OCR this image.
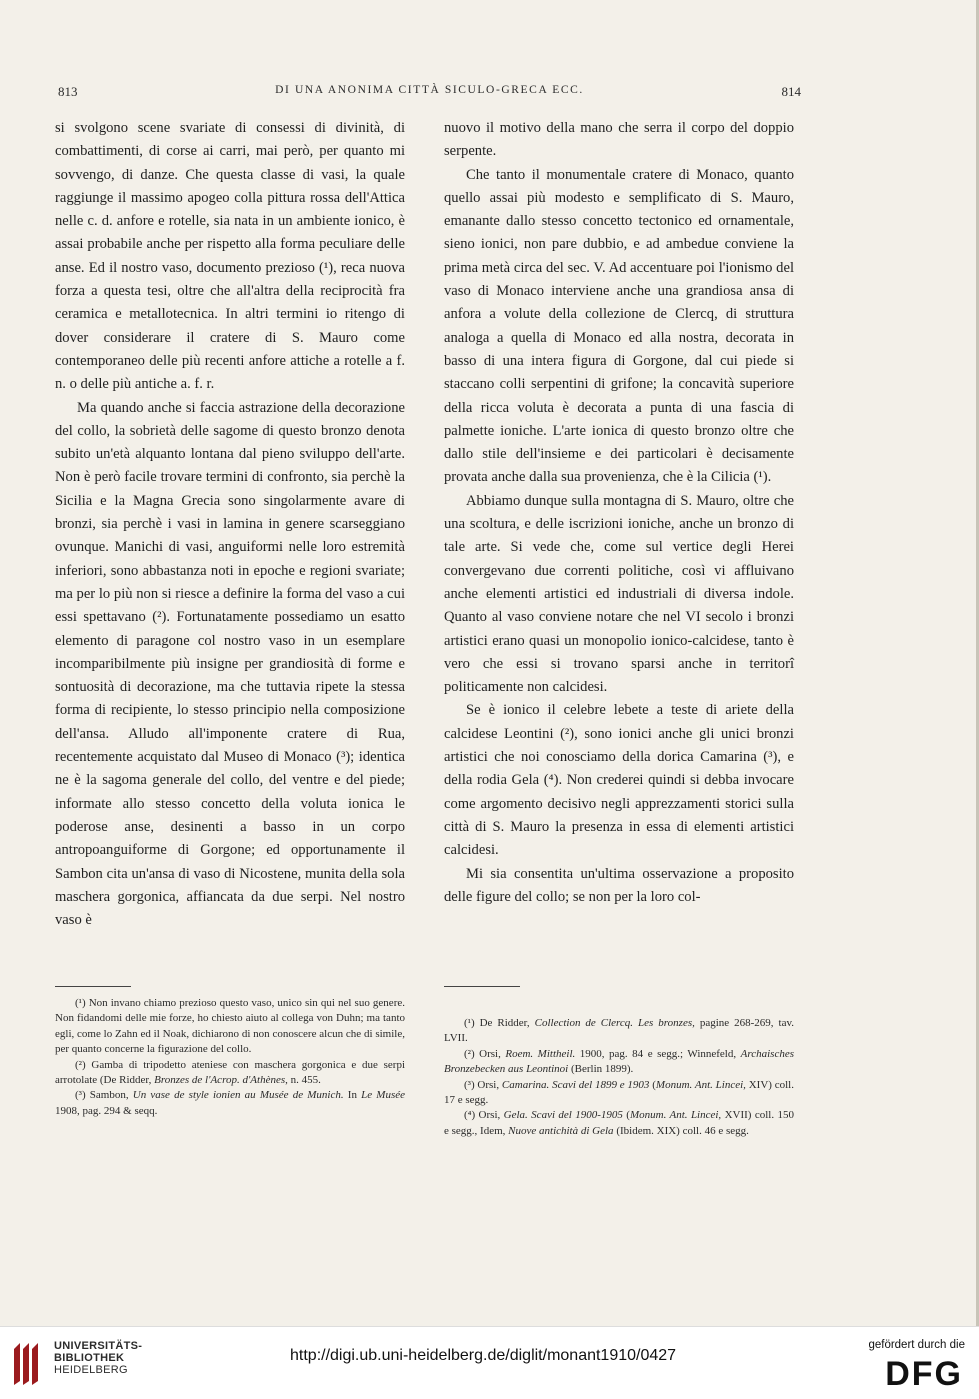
813	DI UNA ANONIMA CITTÀ SICULO-GRECA ECC.	814

si svolgono scene svariate di consessi di divinità, di combattimenti, di corse ai carri, mai però, per quanto mi sovvengo, di danze. Che questa classe di vasi, la quale raggiunge il massimo apogeo colla pittura rossa dell'Attica nelle c. d. anfore e rotelle, sia nata in un ambiente ionico, è assai probabile anche per rispetto alla forma peculiare delle anse. Ed il nostro vaso, documento prezioso (¹), reca nuova forza a questa tesi, oltre che all'altra della reciprocità fra ceramica e metallotecnica. In altri termini io ritengo di dover considerare il cratere di S. Mauro come contemporaneo delle più recenti anfore attiche a rotelle a f. n. o delle più antiche a. f. r.

Ma quando anche si faccia astrazione della decorazione del collo, la sobrietà delle sagome di questo bronzo denota subito un'età alquanto lontana dal pieno sviluppo dell'arte. Non è però facile trovare termini di confronto, sia perchè la Sicilia e la Magna Grecia sono singolarmente avare di bronzi, sia perchè i vasi in lamina in genere scarseggiano ovunque. Manichi di vasi, anguiformi nelle loro estremità inferiori, sono abbastanza noti in epoche e regioni svariate; ma per lo più non si riesce a definire la forma del vaso a cui essi spettavano (²). Fortunatamente possediamo un esatto elemento di paragone col nostro vaso in un esemplare incomparibilmente più insigne per grandiosità di forme e sontuosità di decorazione, ma che tuttavia ripete la stessa forma di recipiente, lo stesso principio nella composizione dell'ansa. Alludo all'imponente cratere di Rua, recentemente acquistato dal Museo di Monaco (³); identica ne è la sagoma generale del collo, del ventre e del piede; informate allo stesso concetto della voluta ionica le poderose anse, desinenti a basso in un corpo antropoanguiforme di Gorgone; ed opportunamente il Sambon cita un'ansa di vaso di Nicostene, munita della sola maschera gorgonica, affiancata da due serpi. Nel nostro vaso è

nuovo il motivo della mano che serra il corpo del doppio serpente.

Che tanto il monumentale cratere di Monaco, quanto quello assai più modesto e semplificato di S. Mauro, emanante dallo stesso concetto tectonico ed ornamentale, sieno ionici, non pare dubbio, e ad ambedue conviene la prima metà circa del sec. V. Ad accentuare poi l'ionismo del vaso di Monaco interviene anche una grandiosa ansa di anfora a volute della collezione de Clercq, di struttura analoga a quella di Monaco ed alla nostra, decorata in basso di una intera figura di Gorgone, dal cui piede si staccano colli serpentini di grifone; la concavità superiore della ricca voluta è decorata a punta di una fascia di palmette ioniche. L'arte ionica di questo bronzo oltre che dallo stile dell'insieme e dei particolari è decisamente provata anche dalla sua provenienza, che è la Cilicia (¹).

Abbiamo dunque sulla montagna di S. Mauro, oltre che una scoltura, e delle iscrizioni ioniche, anche un bronzo di tale arte. Si vede che, come sul vertice degli Herei convergevano due correnti politiche, così vi affluivano anche elementi artistici ed industriali di diversa indole. Quanto al vaso conviene notare che nel VI secolo i bronzi artistici erano quasi un monopolio ionico-calcidese, tanto è vero che essi si trovano sparsi anche in territorî politicamente non calcidesi.

Se è ionico il celebre lebete a teste di ariete della calcidese Leontini (²), sono ionici anche gli unici bronzi artistici che noi conosciamo della dorica Camarina (³), e della rodia Gela (⁴). Non crederei quindi si debba invocare come argomento decisivo negli apprezzamenti storici sulla città di S. Mauro la presenza in essa di elementi artistici calcidesi.

Mi sia consentita un'ultima osservazione a proposito delle figure del collo; se non per la loro col-

(¹) Non invano chiamo prezioso questo vaso, unico sin qui nel suo genere. Non fidandomi delle mie forze, ho chiesto aiuto al collega von Duhn; ma tanto egli, come lo Zahn ed il Noak, dichiarono di non conoscere alcun che di simile, per quanto concerne la figurazione del collo.

(²) Gamba di tripodetto ateniese con maschera gorgonica e due serpi arrotolate (De Ridder, Bronzes de l'Acrop. d'Athènes, n. 455.

(³) Sambon, Un vase de style ionien au Musée de Munich. In Le Musée 1908, pag. 294 & seqq.

(¹) De Ridder, Collection de Clercq. Les bronzes, pagine 268-269, tav. LVII.

(²) Orsi, Roem. Mittheil. 1900, pag. 84 e segg.; Winnefeld, Archaisches Bronzebecken aus Leontinoi (Berlin 1899).

(³) Orsi, Camarina. Scavi del 1899 e 1903 (Monum. Ant. Lincei, XIV) coll. 17 e segg.

(⁴) Orsi, Gela. Scavi del 1900-1905 (Monum. Ant. Lincei, XVII) coll. 150 e segg., Idem, Nuove antichità di Gela (Ibidem. XIX) coll. 46 e segg.

UNIVERSITÄTS-
BIBLIOTHEK
HEIDELBERG
http://digi.ub.uni-heidelberg.de/diglit/monant1910/0427
gefördert durch die
DFG
